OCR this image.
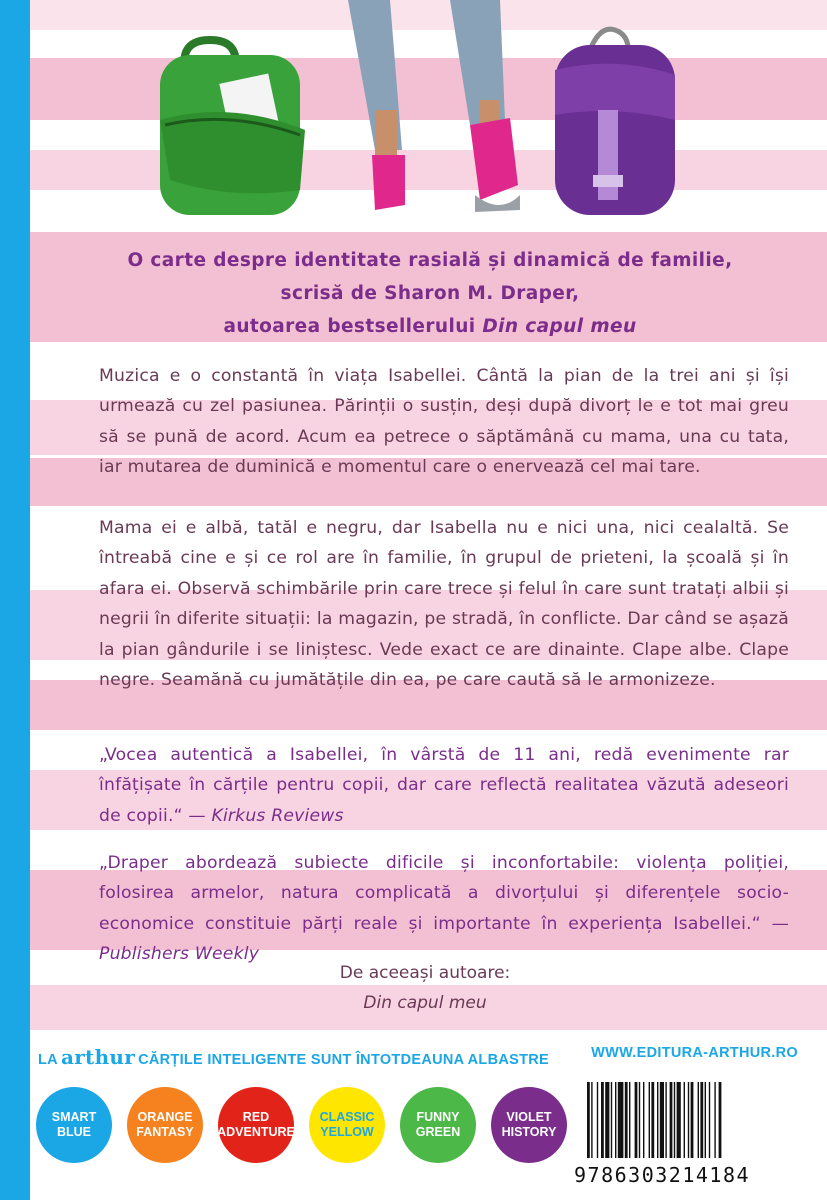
O carte despre identitate rasială și dinamică de familie,
scrisă de Sharon M. Draper,
autoarea bestsellerului Din capul meu
Muzica e o constantă în viața Isabellei. Cântă la pian de la trei ani și își urmează cu zel pasiunea. Părinții o susțin, deși după divorț le e tot mai greu să se pună de acord. Acum ea petrece o săptămână cu mama, una cu tata, iar mutarea de duminică e momentul care o enervează cel mai tare.
Mama ei e albă, tatăl e negru, dar Isabella nu e nici una, nici cealaltă. Se întreabă cine e și ce rol are în familie, în grupul de prieteni, la școală și în afara ei. Observă schimbările prin care trece și felul în care sunt tratați albii și negrii în diferite situații: la magazin, pe stradă, în conflicte. Dar când se așază la pian gândurile i se liniștesc. Vede exact ce are dinainte. Clape albe. Clape negre. Seamănă cu jumătățile din ea, pe care caută să le armonizeze.
„Vocea autentică a Isabellei, în vârstă de 11 ani, redă evenimente rar înfățișate în cărțile pentru copii, dar care reflectă realitatea văzută adeseori de copii.“ — Kirkus Reviews
„Draper abordează subiecte dificile și inconfortabile: violența poliției, folosirea armelor, natura complicată a divorțului și diferențele socio-economice constituie părți reale și importante în experiența Isabellei.“ — Publishers Weekly
De aceeași autoare:
Din capul meu
LA arthur CĂRȚILE INTELIGENTE SUNT ÎNTOTDEAUNA ALBASTRE	WWW.EDITURA-ARTHUR.RO
SMART
BLUE
ORANGE
FANTASY
RED
ADVENTURE
CLASSIC
YELLOW
FUNNY
GREEN
VIOLET
HISTORY
9786303214184
